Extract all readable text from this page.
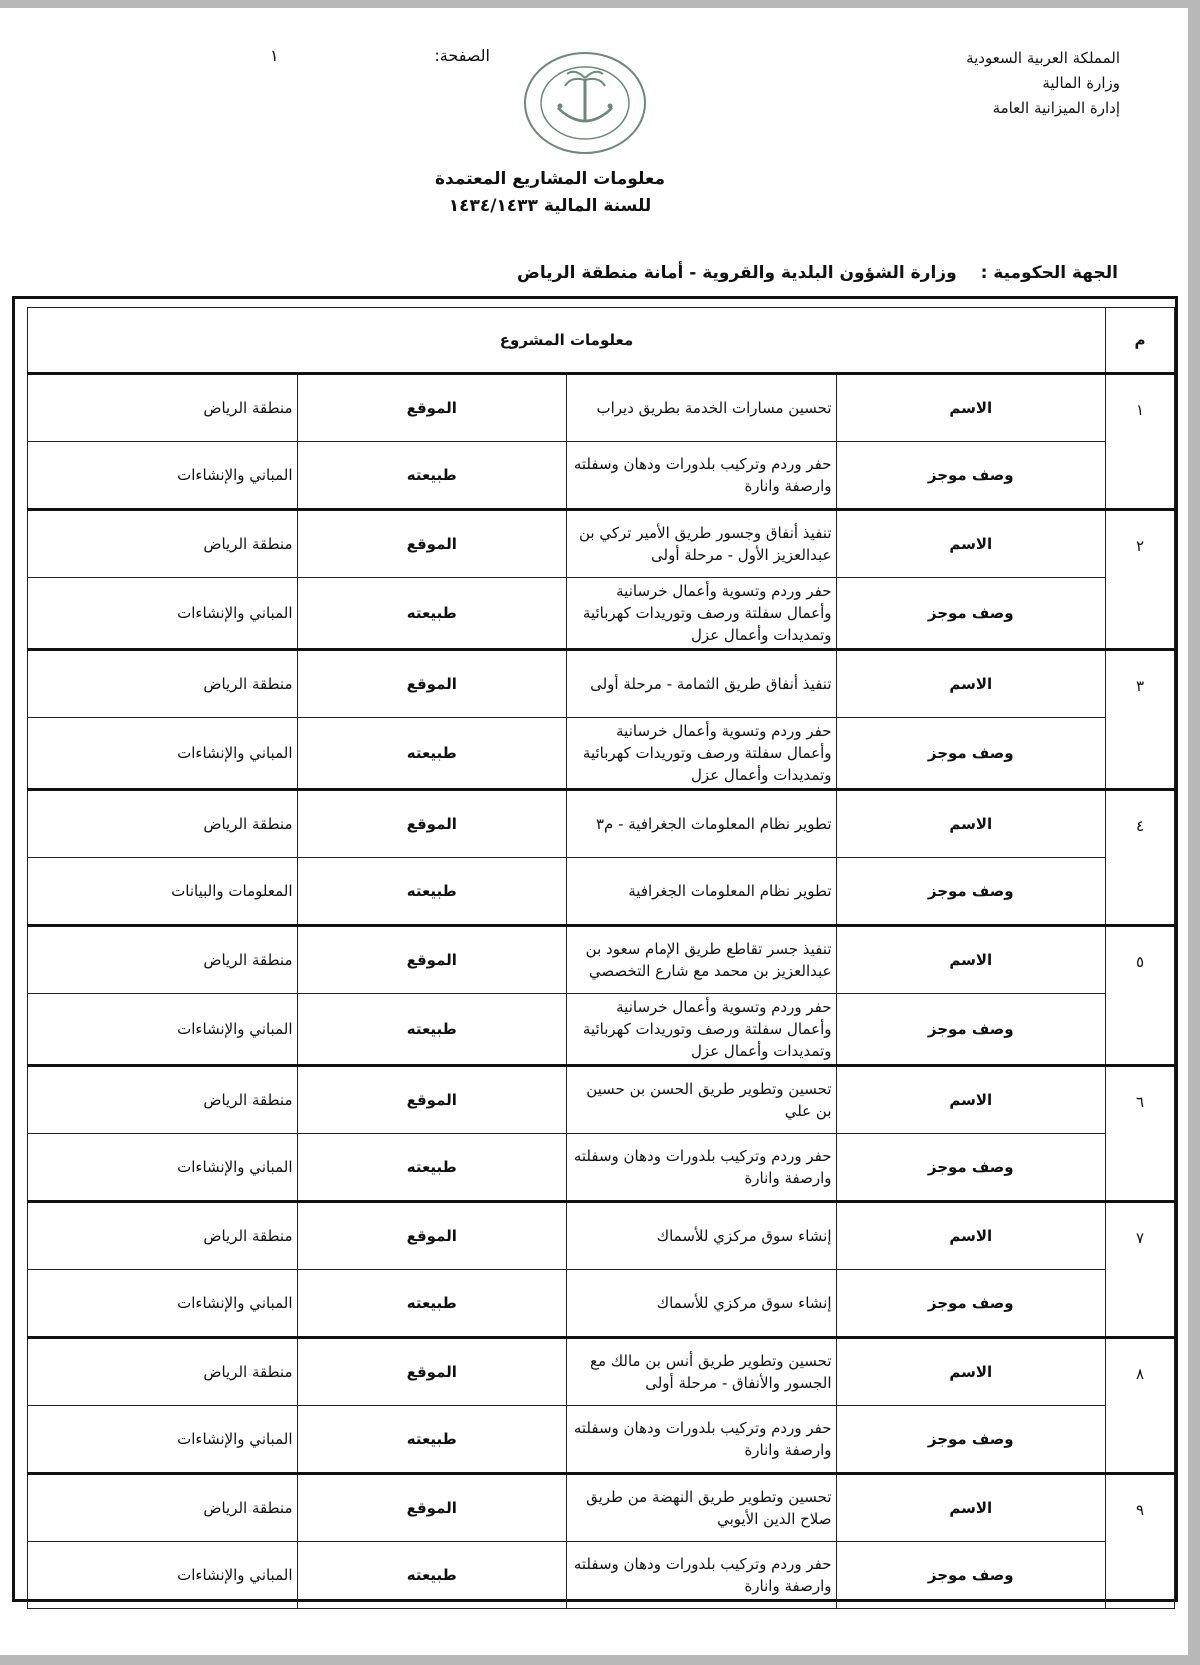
المملكة العربية السعودية
وزارة المالية
إدارة الميزانية العامة
الصفحة:
١
معلومات المشاريع المعتمدة
للسنة المالية ١٤٣٤/١٤٣٣
الجهة الحكومية : وزارة الشؤون البلدية والقروية - أمانة منطقة الرياض
م	معلومات المشروع			
١	الاسم	تحسين مسارات الخدمة بطريق ديراب	الموقع	منطقة الرياض
	وصف موجز	حفر وردم وتركيب بلدورات ودهان وسفلته وارصفة وانارة	طبيعته	المباني والإنشاءات
٢	الاسم	تنفيذ أنفاق وجسور طريق الأمير تركي بن عبدالعزيز الأول - مرحلة أولى	الموقع	منطقة الرياض
	وصف موجز	حفر وردم وتسوية وأعمال خرسانية وأعمال سفلتة ورصف وتوريدات كهربائية وتمديدات وأعمال عزل	طبيعته	المباني والإنشاءات
٣	الاسم	تنفيذ أنفاق طريق الثمامة - مرحلة أولى	الموقع	منطقة الرياض
	وصف موجز	حفر وردم وتسوية وأعمال خرسانية وأعمال سفلتة ورصف وتوريدات كهربائية وتمديدات وأعمال عزل	طبيعته	المباني والإنشاءات
٤	الاسم	تطوير نظام المعلومات الجغرافية - م٣	الموقع	منطقة الرياض
	وصف موجز	تطوير نظام المعلومات الجغرافية	طبيعته	المعلومات والبيانات
٥	الاسم	تنفيذ جسر تقاطع طريق الإمام سعود بن عبدالعزيز بن محمد مع شارع التخصصي	الموقع	منطقة الرياض
	وصف موجز	حفر وردم وتسوية وأعمال خرسانية وأعمال سفلتة ورصف وتوريدات كهربائية وتمديدات وأعمال عزل	طبيعته	المباني والإنشاءات
٦	الاسم	تحسين وتطوير طريق الحسن بن حسين بن علي	الموقع	منطقة الرياض
	وصف موجز	حفر وردم وتركيب بلدورات ودهان وسفلته وارصفة وانارة	طبيعته	المباني والإنشاءات
٧	الاسم	إنشاء سوق مركزي للأسماك	الموقع	منطقة الرياض
	وصف موجز	إنشاء سوق مركزي للأسماك	طبيعته	المباني والإنشاءات
٨	الاسم	تحسين وتطوير طريق أنس بن مالك مع الجسور والأنفاق - مرحلة أولى	الموقع	منطقة الرياض
	وصف موجز	حفر وردم وتركيب بلدورات ودهان وسفلته وارصفة وانارة	طبيعته	المباني والإنشاءات
٩	الاسم	تحسين وتطوير طريق النهضة من طريق صلاح الدين الأيوبي	الموقع	منطقة الرياض
	وصف موجز	حفر وردم وتركيب بلدورات ودهان وسفلته وارصفة وانارة	طبيعته	المباني والإنشاءات
